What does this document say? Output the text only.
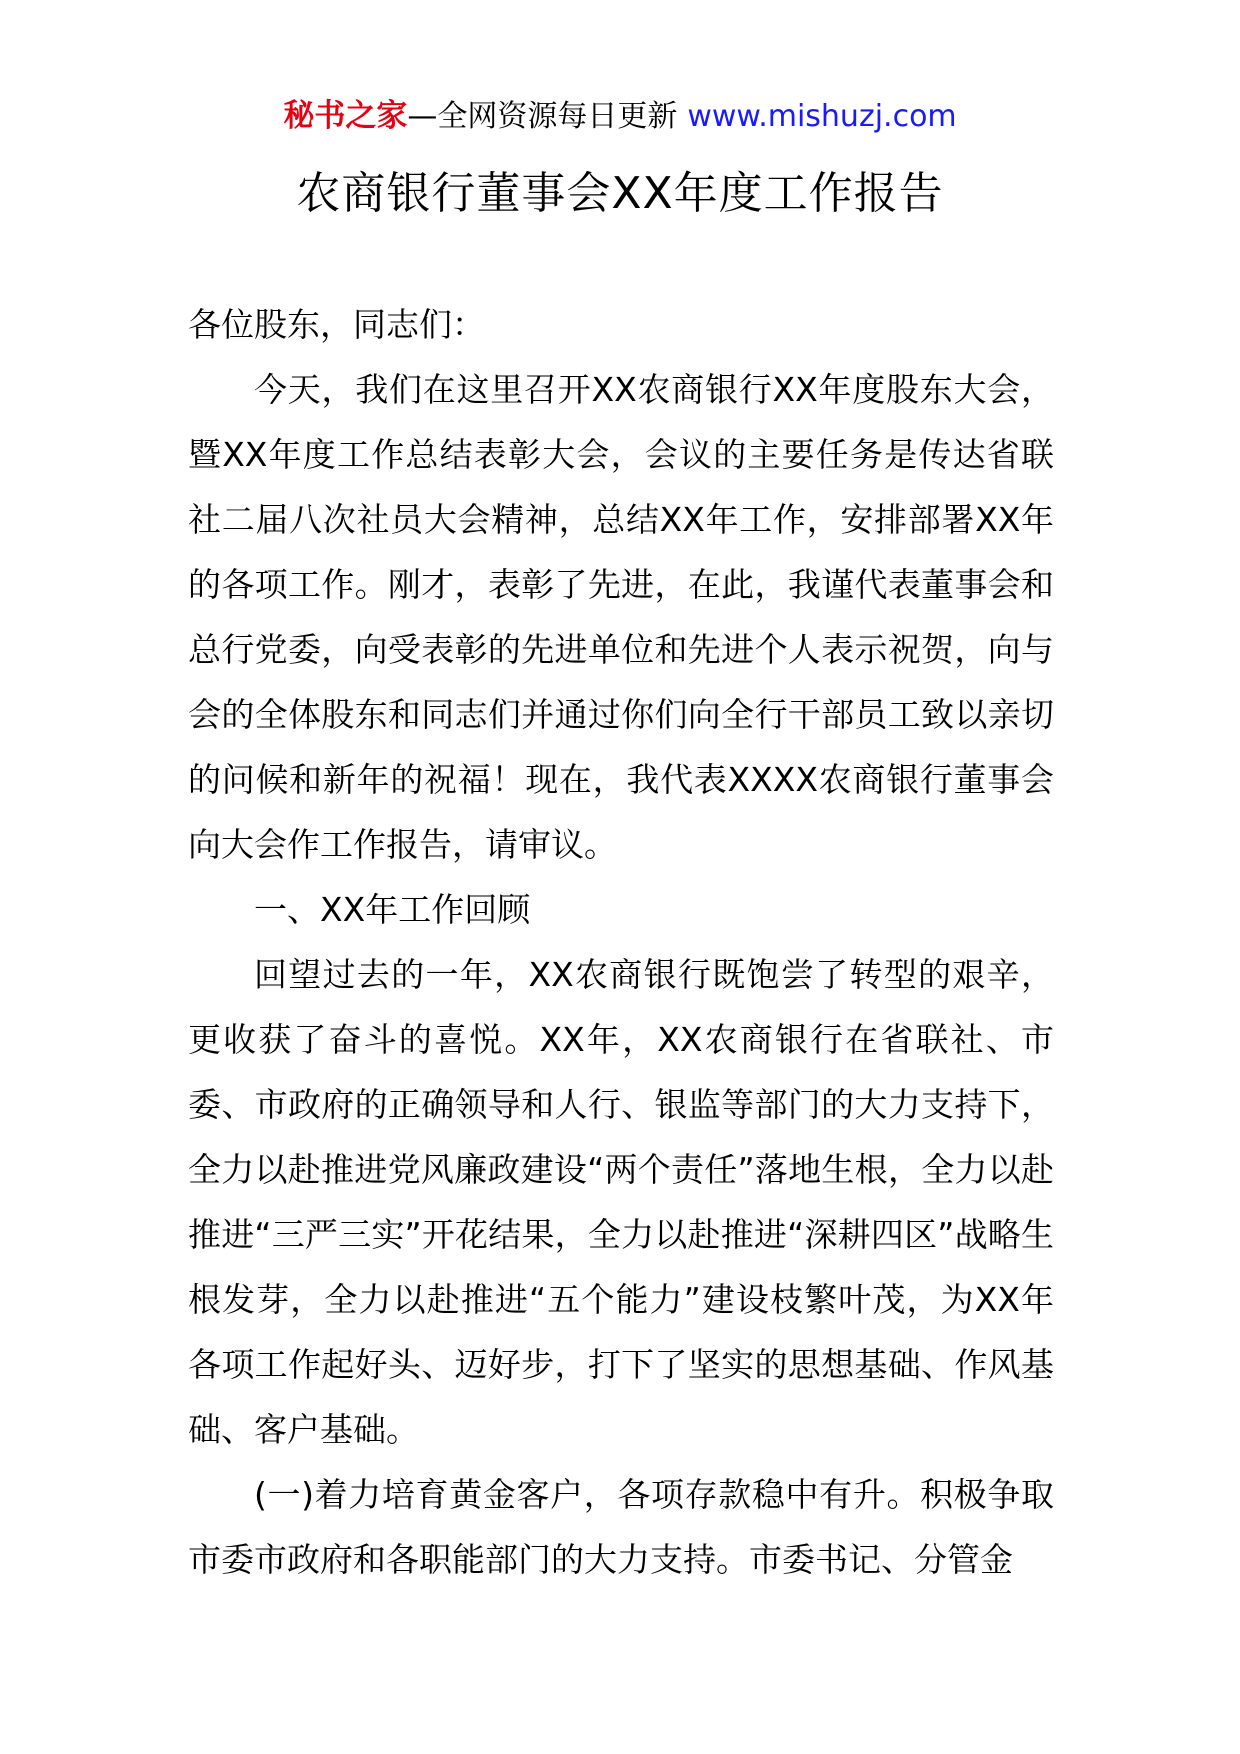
秘书之家—全网资源每日更新 www.mishuzj.com
农商银行董事会XX年度工作报告

各位股东，同志们：

今天，我们在这里召开XX农商银行XX年度股东大会，暨XX年度工作总结表彰大会，会议的主要任务是传达省联社二届八次社员大会精神，总结XX年工作，安排部署XX年的各项工作。刚才，表彰了先进，在此，我谨代表董事会和总行党委，向受表彰的先进单位和先进个人表示祝贺，向与会的全体股东和同志们并通过你们向全行干部员工致以亲切的问候和新年的祝福！现在，我代表XXXX农商银行董事会向大会作工作报告，请审议。

一、XX年工作回顾

回望过去的一年，XX农商银行既饱尝了转型的艰辛，更收获了奋斗的喜悦。XX年，XX农商银行在省联社、市委、市政府的正确领导和人行、银监等部门的大力支持下，全力以赴推进党风廉政建设“两个责任”落地生根，全力以赴推进“三严三实”开花结果，全力以赴推进“深耕四区”战略生根发芽，全力以赴推进“五个能力”建设枝繁叶茂，为XX年各项工作起好头、迈好步，打下了坚实的思想基础、作风基础、客户基础。

(一)着力培育黄金客户，各项存款稳中有升。积极争取市委市政府和各职能部门的大力支持。市委书记、分管金
